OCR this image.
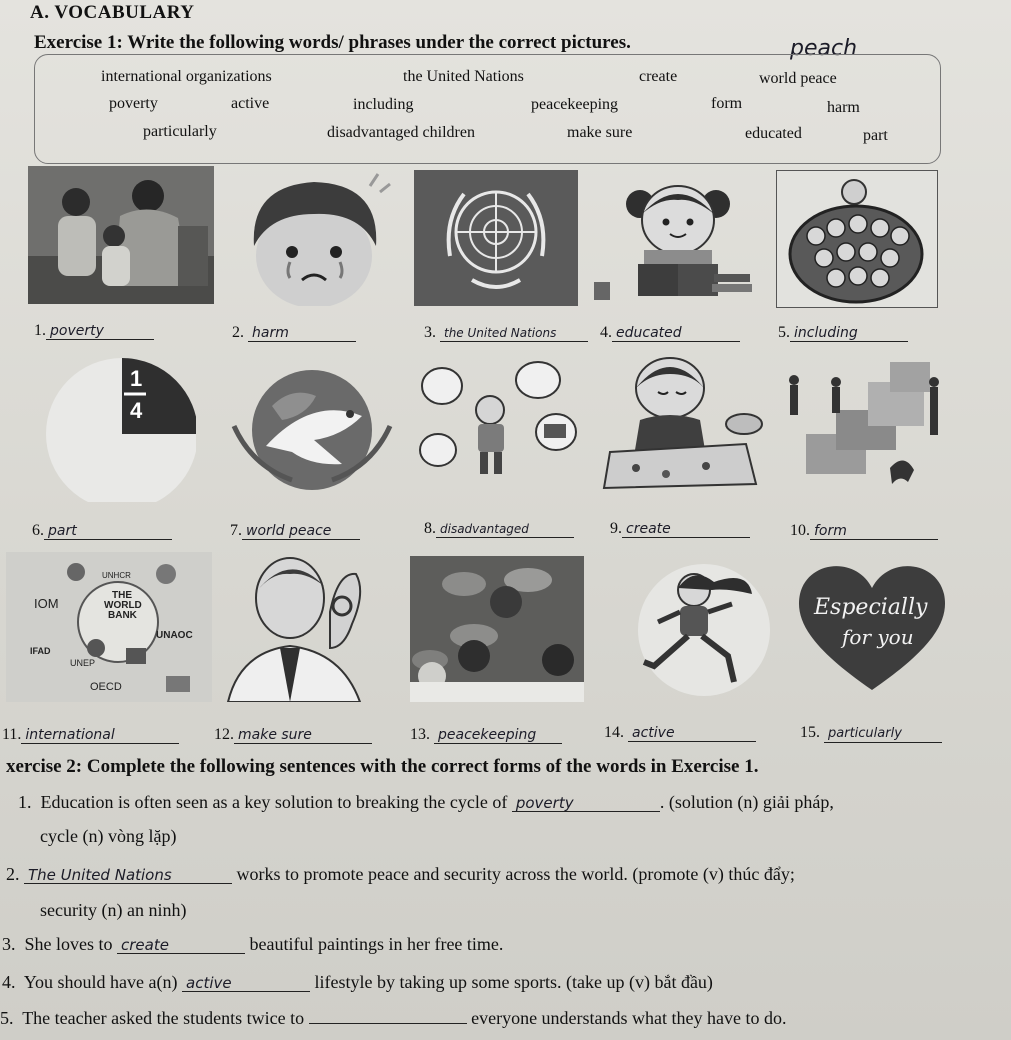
A. VOCABULARY
Exercise 1: Write the following words/ phrases under the correct pictures.	peach
international organizations	the United Nations	create	world peace
poverty	active	including	peacekeeping	form	harm
particularly	disadvantaged children	make sure	educated	part
1. poverty	2. harm	3. the United Nations	4. educated	5. including
1
4
6. part	7. world peace	8. disadvantaged	9. create	10. form
UNHCR
THE
WORLD
BANK
IOM
UNAOC
IFAD
UNEP
OECD
Especially
for you
11. international	12. make sure	13. peacekeeping	14. active	15. particularly
xercise 2: Complete the following sentences with the correct forms of the words in Exercise 1.
1. Education is often seen as a key solution to breaking the cycle of poverty	. (solution (n) giải pháp,
cycle (n) vòng lặp)
2. The United Nations	works to promote peace and security across the world. (promote (v) thúc đẩy;
security (n) an ninh)
3. She loves to create	beautiful paintings in her free time.
4. You should have a(n) active	lifestyle by taking up some sports. (take up (v) bắt đầu)
5. The teacher asked the students twice to	everyone understands what they have to do.
